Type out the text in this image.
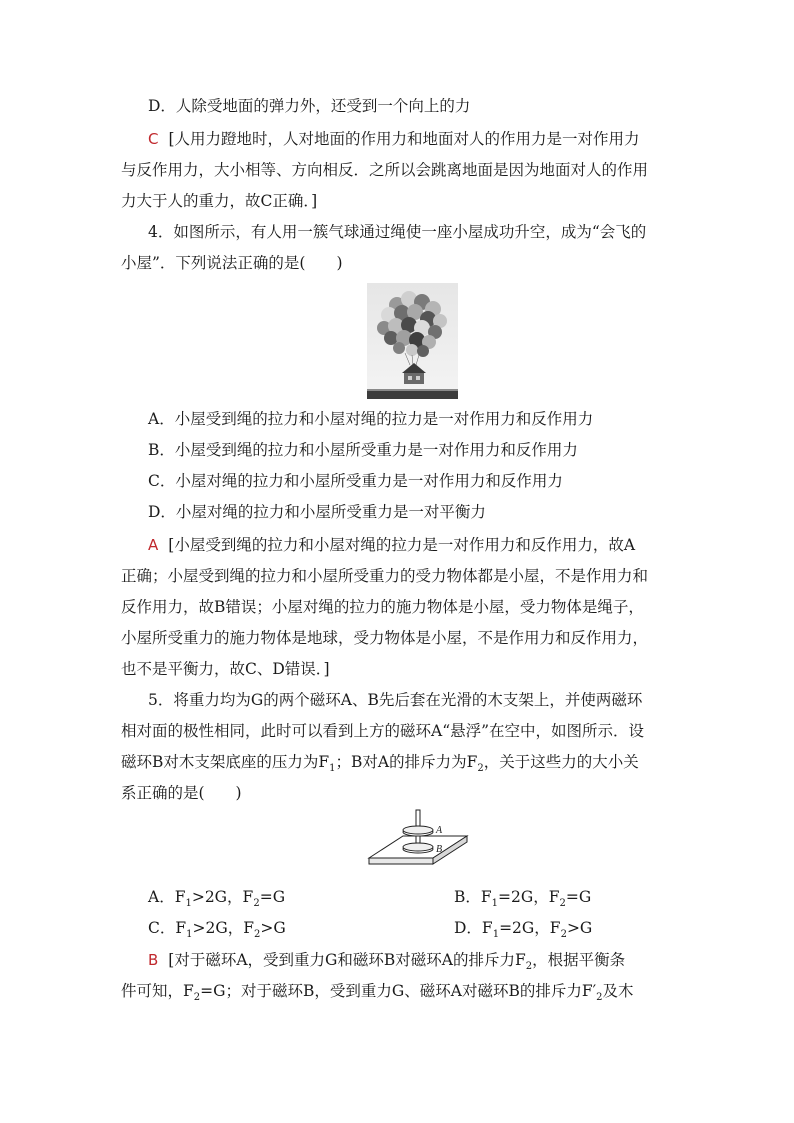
D．人除受地面的弹力外，还受到一个向上的力
C [人用力蹬地时，人对地面的作用力和地面对人的作用力是一对作用力
与反作用力，大小相等、方向相反．之所以会跳离地面是因为地面对人的作用
力大于人的重力，故C正确．]
4．如图所示，有人用一簇气球通过绳使一座小屋成功升空，成为“会飞的
小屋”．下列说法正确的是(　　)
A．小屋受到绳的拉力和小屋对绳的拉力是一对作用力和反作用力
B．小屋受到绳的拉力和小屋所受重力是一对作用力和反作用力
C．小屋对绳的拉力和小屋所受重力是一对作用力和反作用力
D．小屋对绳的拉力和小屋所受重力是一对平衡力
A [小屋受到绳的拉力和小屋对绳的拉力是一对作用力和反作用力，故A
正确；小屋受到绳的拉力和小屋所受重力的受力物体都是小屋，不是作用力和
反作用力，故B错误；小屋对绳的拉力的施力物体是小屋，受力物体是绳子，
小屋所受重力的施力物体是地球，受力物体是小屋，不是作用力和反作用力，
也不是平衡力，故C、D错误．]
5．将重力均为G的两个磁环A、B先后套在光滑的木支架上，并使两磁环
相对面的极性相同，此时可以看到上方的磁环A“悬浮”在空中，如图所示．设
磁环B对木支架底座的压力为$F_1$；B对A的排斥力为$F_2$，关于这些力的大小关
系正确的是(　　)
A
B
A．$F_1>2G$，$F_2=G$	B．$F_1=2G$，$F_2=G$
C．$F_1>2G$，$F_2>G$	D．$F_1=2G$，$F_2>G$
B [对于磁环A，受到重力G和磁环B对磁环A的排斥力$F_2$，根据平衡条
件可知，$F_2=G$；对于磁环B，受到重力G、磁环A对磁环B的排斥力$F'_2$及木
